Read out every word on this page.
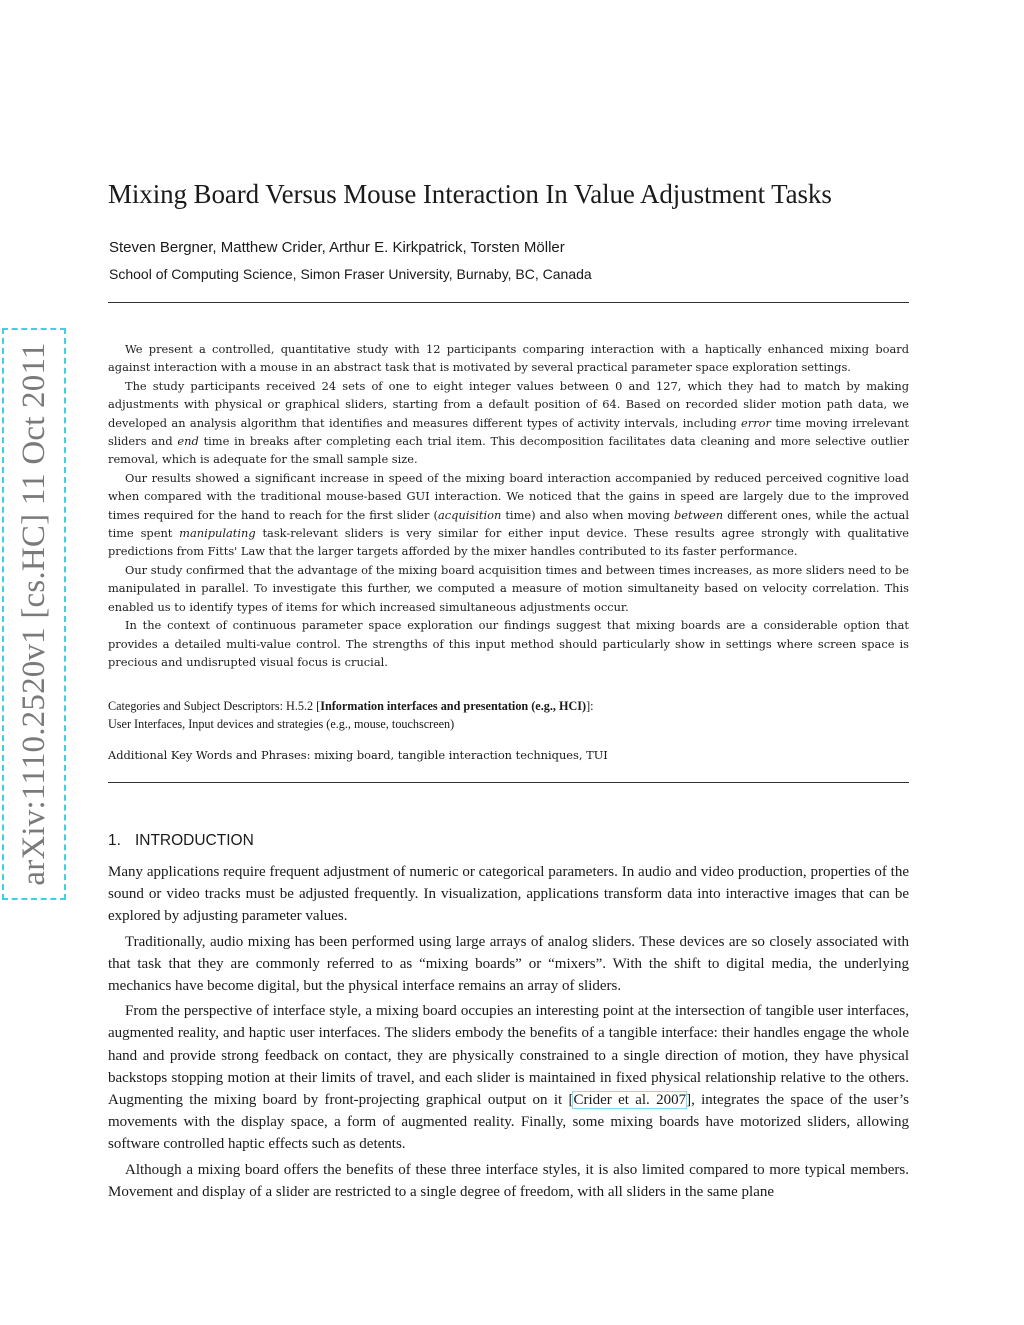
Mixing Board Versus Mouse Interaction In Value Adjustment Tasks
Steven Bergner, Matthew Crider, Arthur E. Kirkpatrick, Torsten Möller
School of Computing Science, Simon Fraser University, Burnaby, BC, Canada
arXiv:1110.2520v1 [cs.HC] 11 Oct 2011	We present a controlled, quantitative study with 12 participants comparing interaction with a haptically enhanced mixing board against interaction with a mouse in an abstract task that is motivated by several practical parameter space exploration settings.

The study participants received 24 sets of one to eight integer values between 0 and 127, which they had to match by making adjustments with physical or graphical sliders, starting from a default position of 64. Based on recorded slider motion path data, we developed an analysis algorithm that identifies and measures different types of activity intervals, including error time moving irrelevant sliders and end time in breaks after completing each trial item. This decomposition facilitates data cleaning and more selective outlier removal, which is adequate for the small sample size.

Our results showed a significant increase in speed of the mixing board interaction accompanied by reduced perceived cognitive load when compared with the traditional mouse-based GUI interaction. We noticed that the gains in speed are largely due to the improved times required for the hand to reach for the first slider (acquisition time) and also when moving between different ones, while the actual time spent manipulating task-relevant sliders is very similar for either input device. These results agree strongly with qualitative predictions from Fitts' Law that the larger targets afforded by the mixer handles contributed to its faster performance.

Our study confirmed that the advantage of the mixing board acquisition times and between times increases, as more sliders need to be manipulated in parallel. To investigate this further, we computed a measure of motion simultaneity based on velocity correlation. This enabled us to identify types of items for which increased simultaneous adjustments occur.

In the context of continuous parameter space exploration our findings suggest that mixing boards are a considerable option that provides a detailed multi-value control. The strengths of this input method should particularly show in settings where screen space is precious and undisrupted visual focus is crucial.

Categories and Subject Descriptors: H.5.2 [Information interfaces and presentation (e.g., HCI)]:
User Interfaces, Input devices and strategies (e.g., mouse, touchscreen)
Additional Key Words and Phrases: mixing board, tangible interaction techniques, TUI
1. INTRODUCTION

Many applications require frequent adjustment of numeric or categorical parameters. In audio and video production, properties of the sound or video tracks must be adjusted frequently. In visualization, applications transform data into interactive images that can be explored by adjusting parameter values.

Traditionally, audio mixing has been performed using large arrays of analog sliders. These devices are so closely associated with that task that they are commonly referred to as “mixing boards” or “mixers”. With the shift to digital media, the underlying mechanics have become digital, but the physical interface remains an array of sliders.

From the perspective of interface style, a mixing board occupies an interesting point at the intersection of tangible user interfaces, augmented reality, and haptic user interfaces. The sliders embody the benefits of a tangible interface: their handles engage the whole hand and provide strong feedback on contact, they are physically constrained to a single direction of motion, they have physical backstops stopping motion at their limits of travel, and each slider is maintained in fixed physical relationship relative to the others. Augmenting the mixing board by front-projecting graphical output on it [Crider et al. 2007], integrates the space of the user’s movements with the display space, a form of augmented reality. Finally, some mixing boards have motorized sliders, allowing software controlled haptic effects such as detents.

Although a mixing board offers the benefits of these three interface styles, it is also limited compared to more typical members. Movement and display of a slider are restricted to a single degree of freedom, with all sliders in the same plane
